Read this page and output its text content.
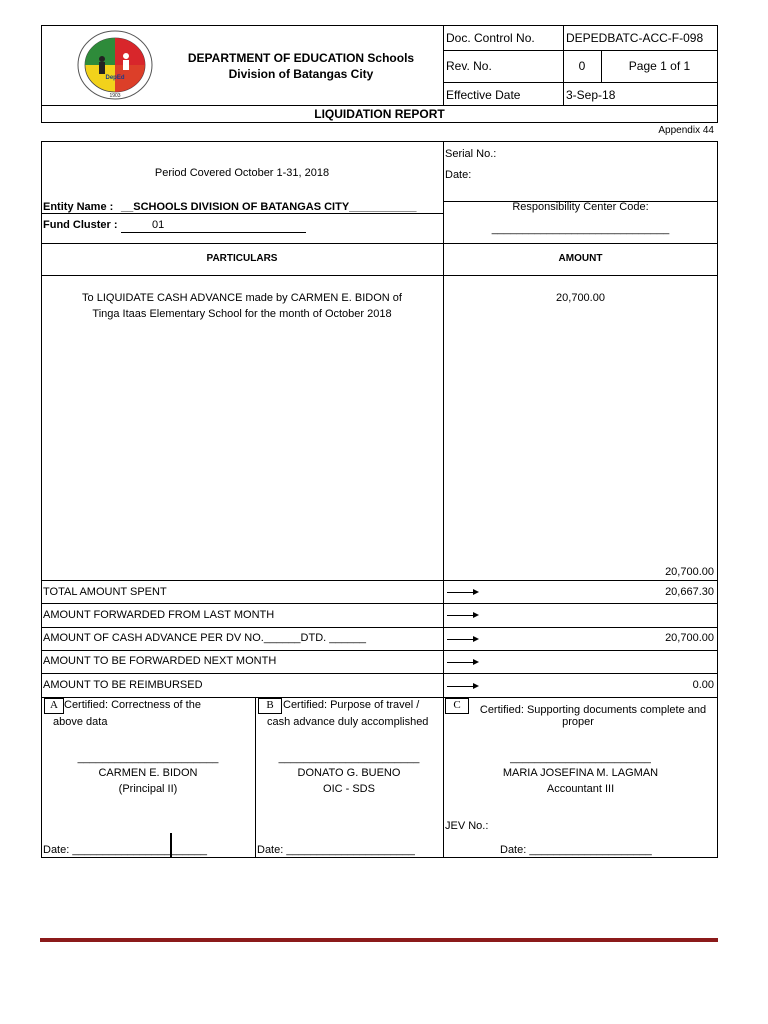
DepEd
1903
DEPARTMENT OF EDUCATION Schools
Division of Batangas City
Doc. Control No.	DEPEDBATC-ACC-F-098
Rev. No.	0	Page 1 of 1
Effective Date	3-Sep-18
LIQUIDATION REPORT
Appendix 44
Period Covered October 1-31, 2018
Serial No.:
Date:
Entity Name : __SCHOOLS DIVISION OF BATANGAS CITY___________
Fund Cluster :	01
Responsibility Center Code:
_____________________________
PARTICULARS	AMOUNT
To LIQUIDATE CASH ADVANCE made by CARMEN E. BIDON of
Tinga Itaas Elementary School for the month of October 2018
20,700.00
20,700.00
TOTAL AMOUNT SPENT	20,667.30
AMOUNT FORWARDED FROM LAST MONTH
AMOUNT OF CASH ADVANCE PER DV NO.______DTD. ______	20,700.00
AMOUNT TO BE FORWARDED NEXT MONTH
AMOUNT TO BE REIMBURSED	0.00
A Certified: Correctness of the
above data
_______________________
CARMEN E. BIDON
(Principal II)
Date: ______________________
B Certified: Purpose of travel /
cash advance duly accomplished
_______________________
DONATO G. BUENO
OIC - SDS
Date: _____________________
C	Certified: Supporting documents complete and
proper
_______________________
MARIA JOSEFINA M. LAGMAN
Accountant III
JEV No.:
Date: ____________________
